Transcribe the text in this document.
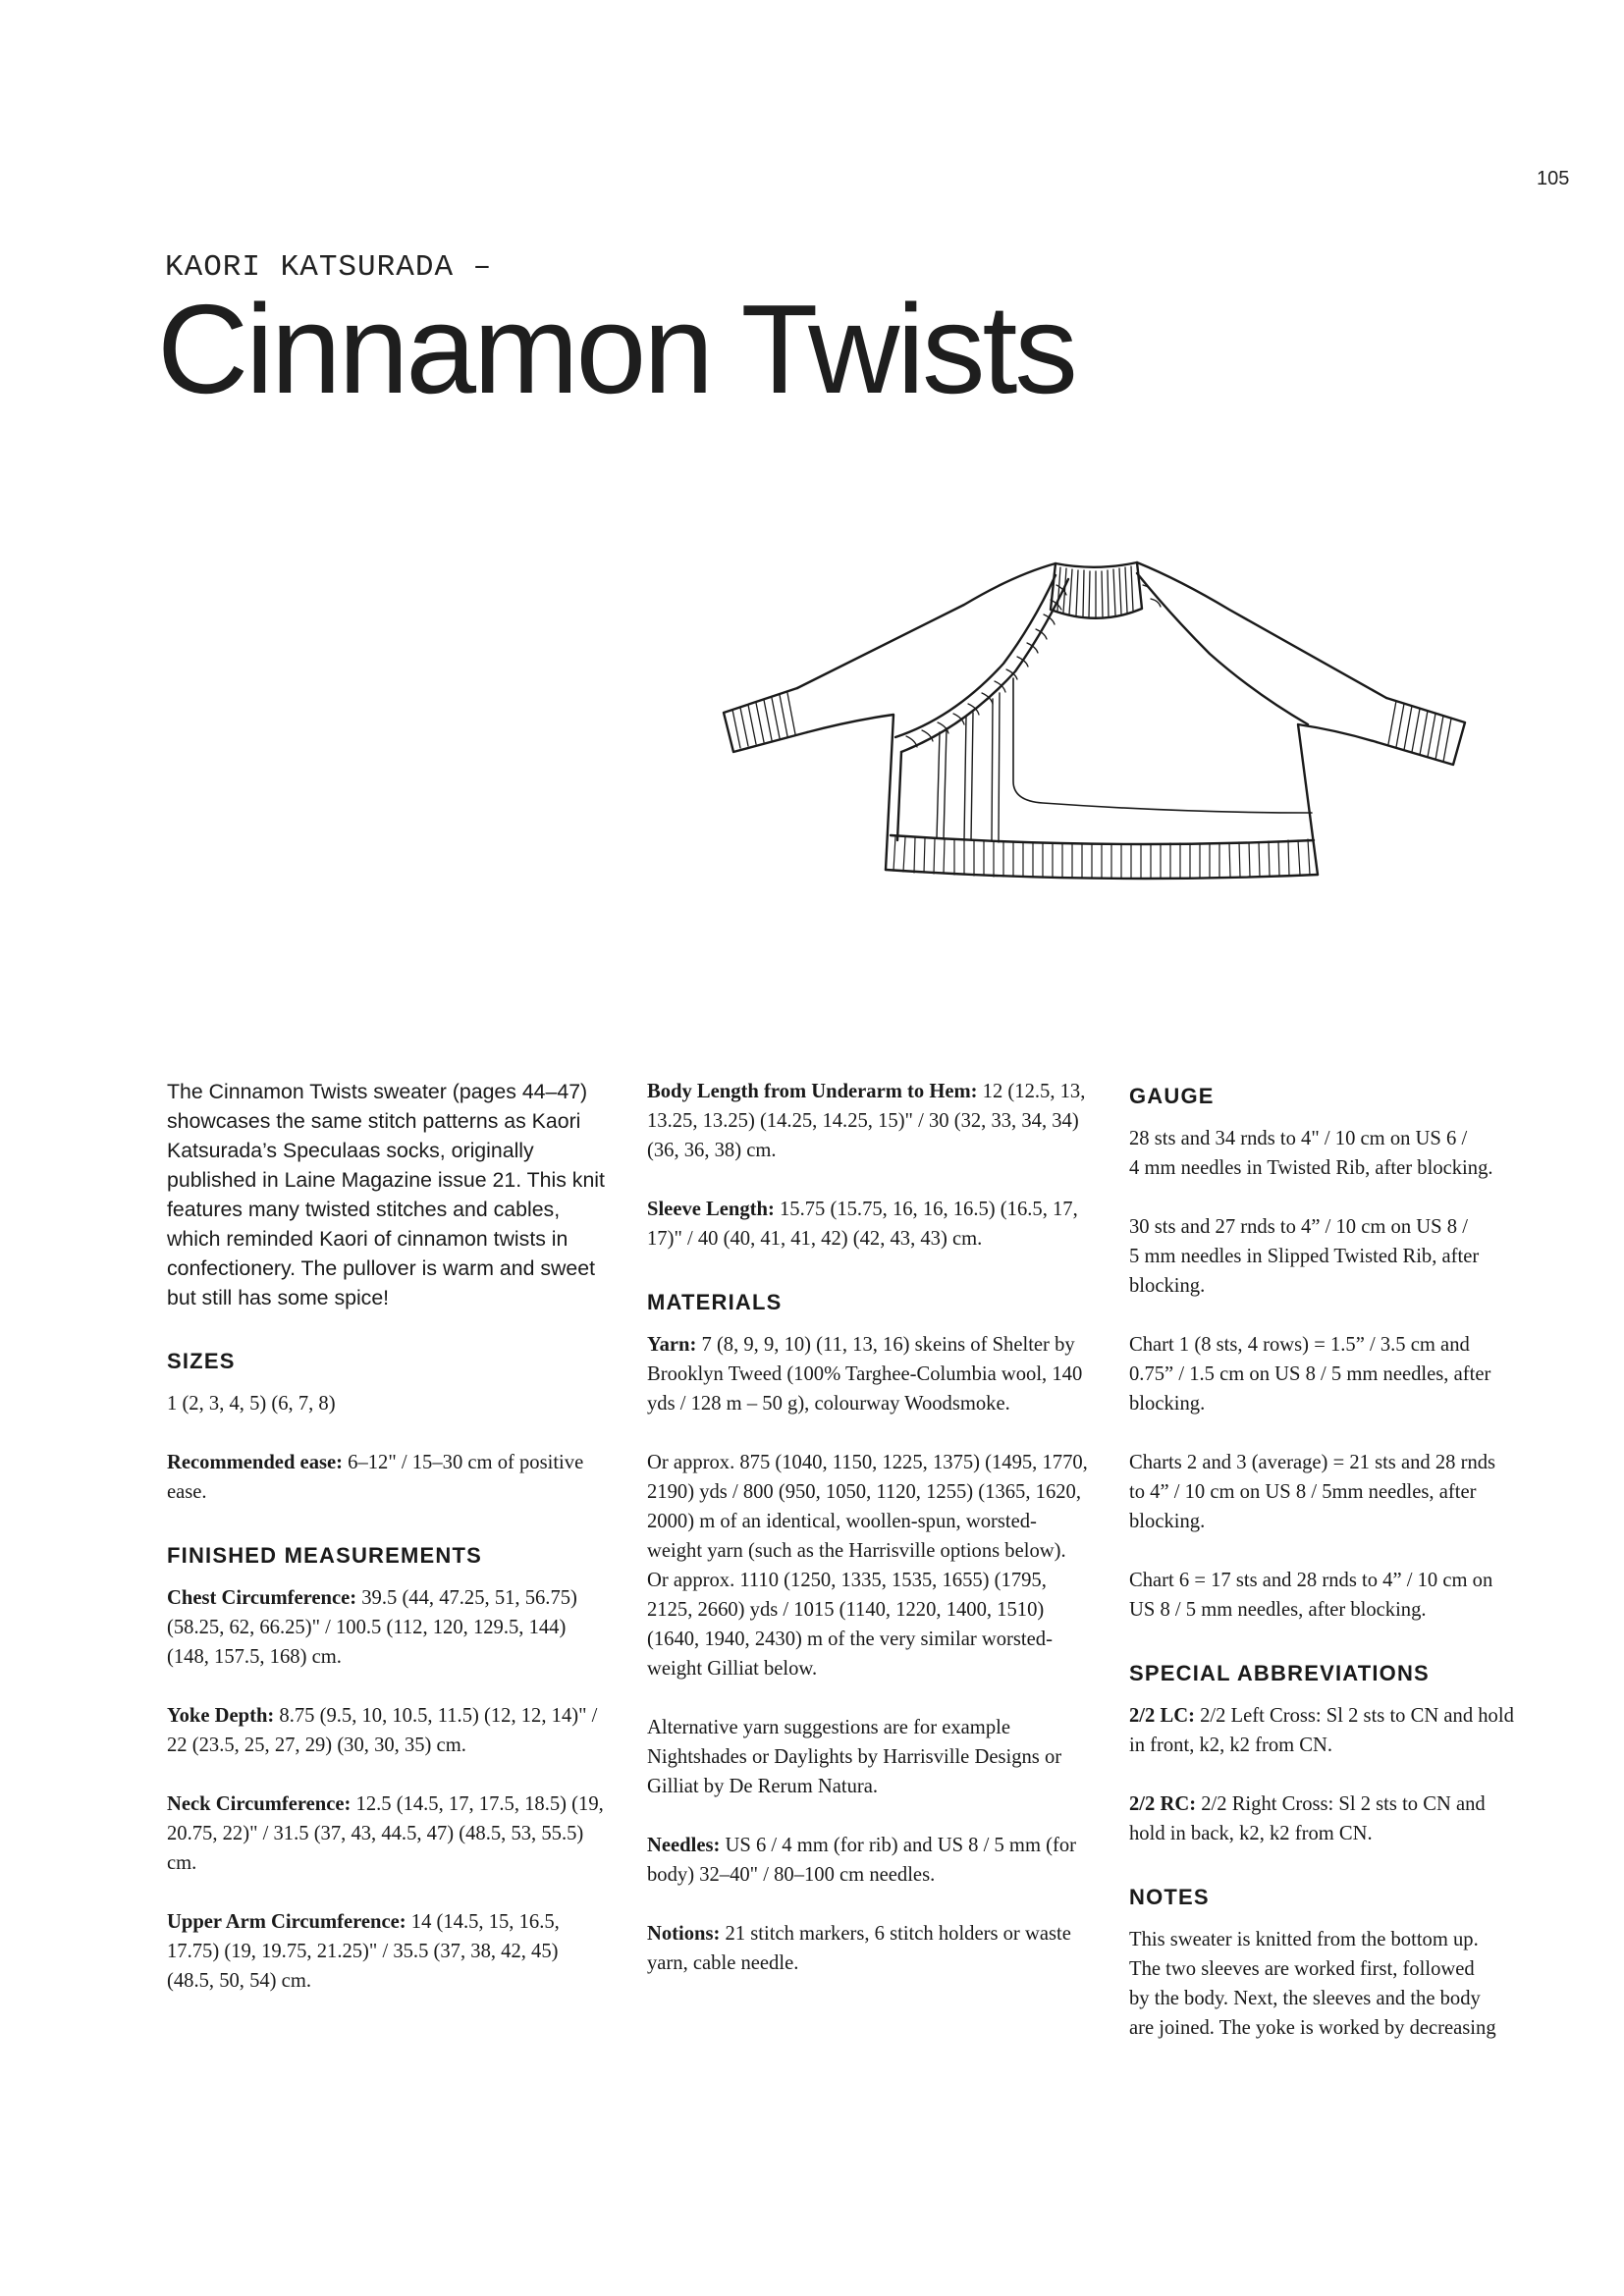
105
KAORI KATSURADA –
Cinnamon Twists

The Cinnamon Twists sweater (pages 44–47) showcases the same stitch patterns as Kaori Katsurada’s Speculaas socks, originally published in Laine Magazine issue 21. This knit features many twisted stitches and cables, which reminded Kaori of cinnamon twists in confectionery. The pullover is warm and sweet but still has some spice!

SIZES

1 (2, 3, 4, 5) (6, 7, 8)

Recommended ease: 6–12" / 15–30 cm of positive ease.

FINISHED MEASUREMENTS

Chest Circumference: 39.5 (44, 47.25, 51, 56.75) (58.25, 62, 66.25)" / 100.5 (112, 120, 129.5, 144) (148, 157.5, 168) cm.

Yoke Depth: 8.75 (9.5, 10, 10.5, 11.5) (12, 12, 14)" / 22 (23.5, 25, 27, 29) (30, 30, 35) cm.

Neck Circumference: 12.5 (14.5, 17, 17.5, 18.5) (19, 20.75, 22)" / 31.5 (37, 43, 44.5, 47) (48.5, 53, 55.5) cm.

Upper Arm Circumference: 14 (14.5, 15, 16.5, 17.75) (19, 19.75, 21.25)" / 35.5 (37, 38, 42, 45) (48.5, 50, 54) cm.

Body Length from Underarm to Hem: 12 (12.5, 13, 13.25, 13.25) (14.25, 14.25, 15)" / 30 (32, 33, 34, 34) (36, 36, 38) cm.

Sleeve Length: 15.75 (15.75, 16, 16, 16.5) (16.5, 17, 17)" / 40 (40, 41, 41, 42) (42, 43, 43) cm.

MATERIALS

Yarn: 7 (8, 9, 9, 10) (11, 13, 16) skeins of Shelter by Brooklyn Tweed (100% Targhee-Columbia wool, 140 yds / 128 m – 50 g), colourway Woodsmoke.

Or approx. 875 (1040, 1150, 1225, 1375) (1495, 1770, 2190) yds / 800 (950, 1050, 1120, 1255) (1365, 1620, 2000) m of an identical, woollen-spun, worsted-weight yarn (such as the Harrisville options below).

Or approx. 1110 (1250, 1335, 1535, 1655) (1795, 2125, 2660) yds / 1015 (1140, 1220, 1400, 1510) (1640, 1940, 2430) m of the very similar worsted-weight Gilliat below.

Alternative yarn suggestions are for example Nightshades or Daylights by Harrisville Designs or Gilliat by De Rerum Natura.

Needles: US 6 / 4 mm (for rib) and US 8 / 5 mm (for body) 32–40" / 80–100 cm needles.

Notions: 21 stitch markers, 6 stitch holders or waste yarn, cable needle.

GAUGE

28 sts and 34 rnds to 4" / 10 cm on US 6 /
4 mm needles in Twisted Rib, after blocking.

30 sts and 27 rnds to 4” / 10 cm on US 8 /
5 mm needles in Slipped Twisted Rib, after
blocking.

Chart 1 (8 sts, 4 rows) = 1.5” / 3.5 cm and
0.75” / 1.5 cm on US 8 / 5 mm needles, after
blocking.

Charts 2 and 3 (average) = 21 sts and 28 rnds
to 4” / 10 cm on US 8 / 5mm needles, after
blocking.

Chart 6 = 17 sts and 28 rnds to 4” / 10 cm on
US 8 / 5 mm needles, after blocking.

SPECIAL ABBREVIATIONS

2/2 LC: 2/2 Left Cross: Sl 2 sts to CN and hold
in front, k2, k2 from CN.

2/2 RC: 2/2 Right Cross: Sl 2 sts to CN and
hold in back, k2, k2 from CN.

NOTES

This sweater is knitted from the bottom up.
The two sleeves are worked first, followed
by the body. Next, the sleeves and the body
are joined. The yoke is worked by decreasing
